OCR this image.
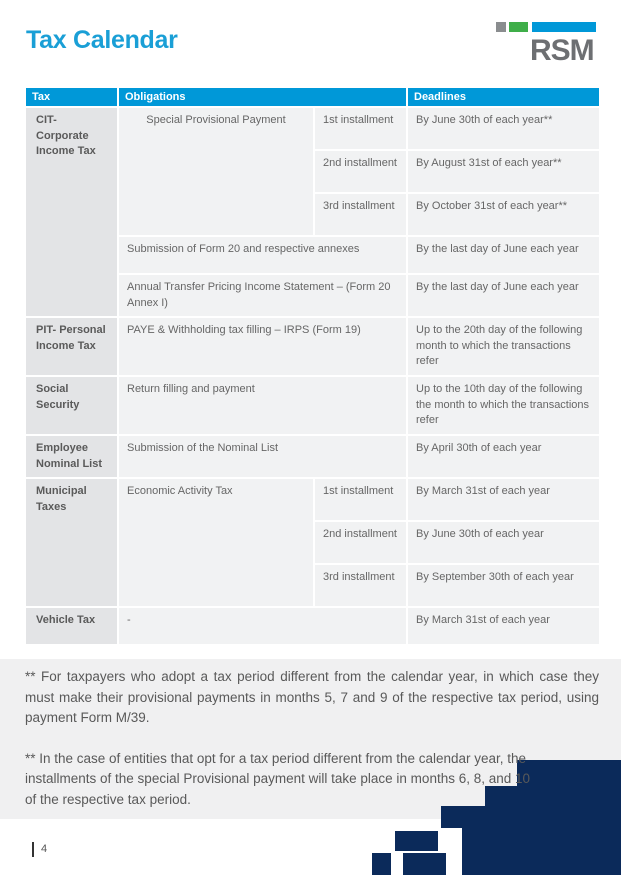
Tax Calendar	RSM
Tax	Obligations		Deadlines
CIT- Corporate Income Tax	Special Provisional Payment	1st installment	By June 30th of each year**
		2nd installment	By August 31st of each year**
		3rd installment	By October 31st of each year**
	Submission of Form 20 and respective annexes		By the last day of June each year
	Annual Transfer Pricing Income Statement – (Form 20 Annex I)		By the last day of June each year
PIT- Personal Income Tax	PAYE & Withholding tax filling – IRPS (Form 19)		Up to the 20th day of the following month to which the transactions refer
Social Security	Return filling and payment		Up to the 10th day of the following the month to which the transactions refer
Employee Nominal List	Submission of the Nominal List		By April 30th of each year
Municipal Taxes	Economic Activity Tax	1st installment	By March 31st of each year
		2nd installment	By June 30th of each year
		3rd installment	By September 30th of each year
Vehicle Tax	-		By March 31st of each year

** For taxpayers who adopt a tax period different from the calendar year, in which case they must make their provisional payments in months 5, 7 and 9 of the respective tax period, using payment Form M/39.

** In the case of entities that opt for a tax period different from the calendar year, the installments of the special Provisional payment will take place in months 6, 8, and 10 of the respective tax period.

4
